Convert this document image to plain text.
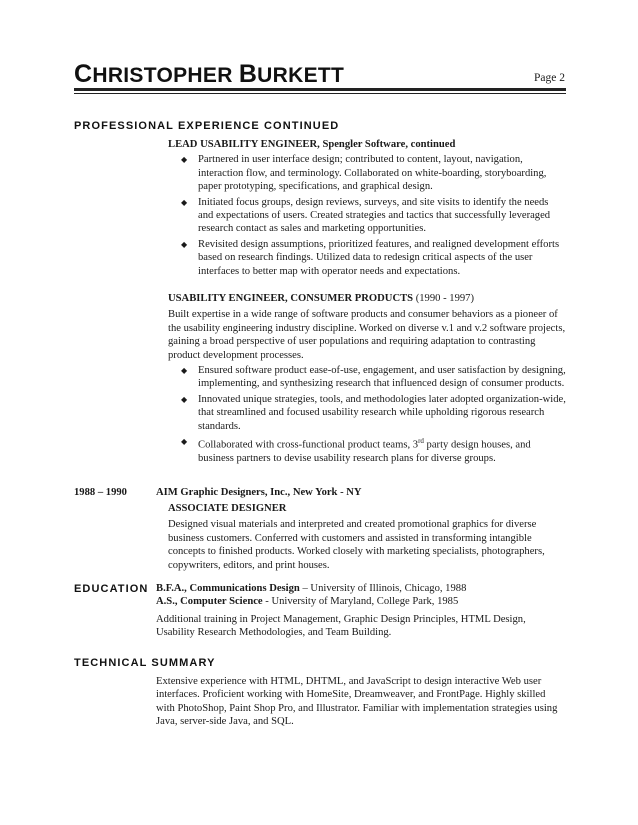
CHRISTOPHER BURKETT	Page 2
PROFESSIONAL EXPERIENCE CONTINUED
LEAD USABILITY ENGINEER, Spengler Software, continued
◆ Partnered in user interface design; contributed to content, layout, navigation, interaction flow, and terminology. Collaborated on white-boarding, storyboarding, paper prototyping, specifications, and graphical design.
◆ Initiated focus groups, design reviews, surveys, and site visits to identify the needs and expectations of users. Created strategies and tactics that successfully leveraged research contact as sales and marketing opportunities.
◆ Revisited design assumptions, prioritized features, and realigned development efforts based on research findings. Utilized data to redesign critical aspects of the user interfaces to better map with operator needs and expectations.
USABILITY ENGINEER, CONSUMER PRODUCTS (1990 - 1997)

Built expertise in a wide range of software products and consumer behaviors as a pioneer of the usability engineering industry discipline. Worked on diverse v.1 and v.2 software projects, gaining a broad perspective of user populations and requiring adaptation to contrasting product development processes.

◆ Ensured software product ease-of-use, engagement, and user satisfaction by designing, implementing, and synthesizing research that influenced design of consumer products.
◆ Innovated unique strategies, tools, and methodologies later adopted organization-wide, that streamlined and focused usability research while upholding rigorous research standards.
◆ Collaborated with cross-functional product teams, 3rd party design houses, and business partners to devise usability research plans for diverse groups.
1988 – 1990	AIM Graphic Designers, Inc., New York - NY
ASSOCIATE DESIGNER

Designed visual materials and interpreted and created promotional graphics for diverse business customers. Conferred with customers and assisted in transforming intangible concepts to finished products. Worked closely with marketing specialists, photographers, copywriters, editors, and print houses.

EDUCATION B.F.A., Communications Design – University of Illinois, Chicago, 1988
A.S., Computer Science - University of Maryland, College Park, 1985

Additional training in Project Management, Graphic Design Principles, HTML Design, Usability Research Methodologies, and Team Building.

TECHNICAL SUMMARY

Extensive experience with HTML, DHTML, and JavaScript to design interactive Web user interfaces. Proficient working with HomeSite, Dreamweaver, and FrontPage. Highly skilled with PhotoShop, Paint Shop Pro, and Illustrator. Familiar with implementation strategies using Java, server-side Java, and SQL.
